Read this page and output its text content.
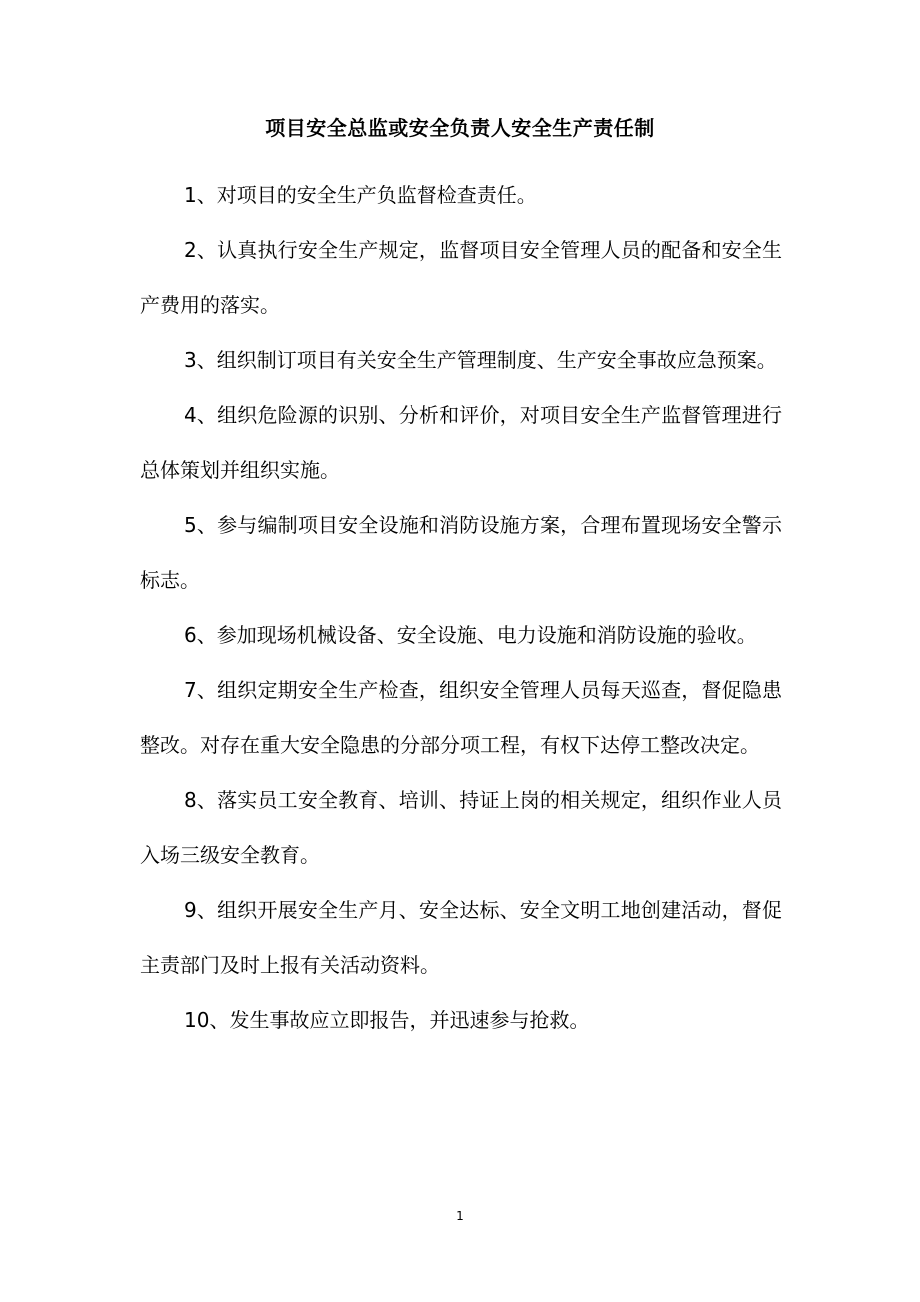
项目安全总监或安全负责人安全生产责任制

1、对项目的安全生产负监督检查责任。

2、认真执行安全生产规定，监督项目安全管理人员的配备和安全生产费用的落实。

3、组织制订项目有关安全生产管理制度、生产安全事故应急预案。

4、组织危险源的识别、分析和评价，对项目安全生产监督管理进行总体策划并组织实施。

5、参与编制项目安全设施和消防设施方案，合理布置现场安全警示标志。

6、参加现场机械设备、安全设施、电力设施和消防设施的验收。

7、组织定期安全生产检查，组织安全管理人员每天巡查，督促隐患整改。对存在重大安全隐患的分部分项工程，有权下达停工整改决定。

8、落实员工安全教育、培训、持证上岗的相关规定，组织作业人员入场三级安全教育。

9、组织开展安全生产月、安全达标、安全文明工地创建活动，督促主责部门及时上报有关活动资料。

10、发生事故应立即报告，并迅速参与抢救。

1
